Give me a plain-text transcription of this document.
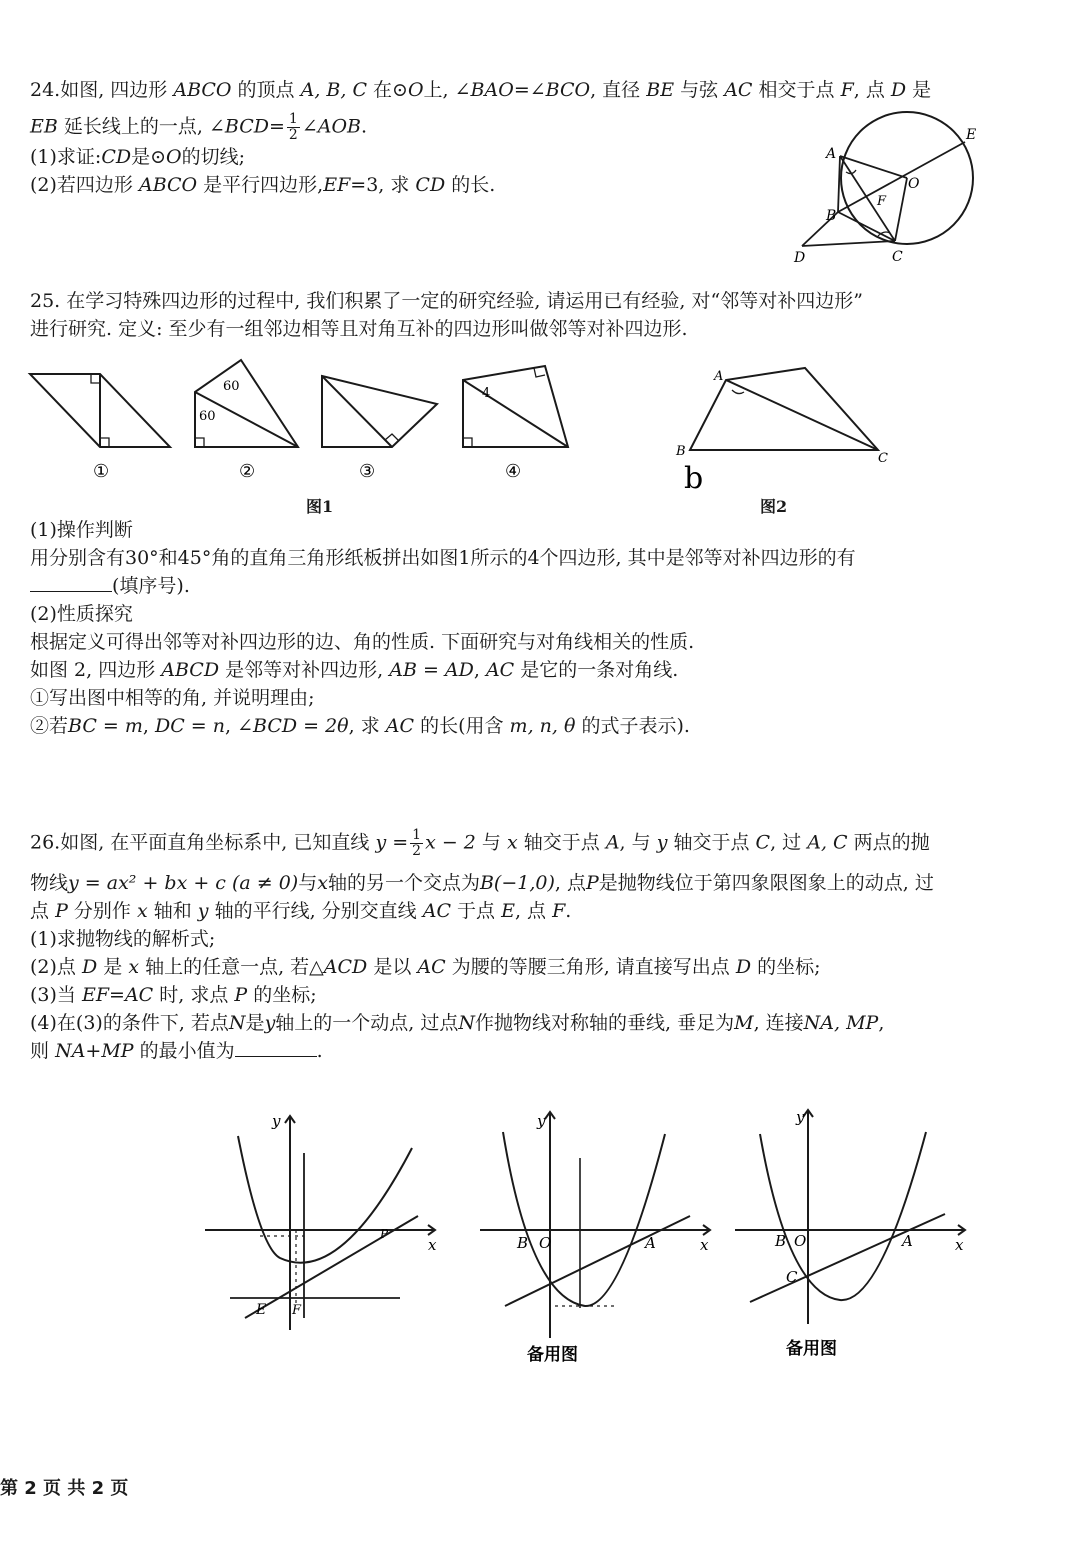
24.如图, 四边形 ABCO 的顶点 A, B, C 在⊙O上, ∠BAO=∠BCO, 直径 BE 与弦 AC 相交于点 F, 点 D 是

EB 延长线上的一点, ∠BCD= $\frac{1}{2}$ ∠AOB.

(1)求证:CD是⊙O的切线;

(2)若四边形 ABCO 是平行四边形,EF=3, 求 CD 的长.

A
E
O
F
B
D	C

25. 在学习特殊四边形的过程中, 我们积累了一定的研究经验, 请运用已有经验, 对“邻等对补四边形”

进行研究. 定义: 至少有一组邻边相等且对角互补的四边形叫做邻等对补四边形.

60
60
4
①	②	③	④
图1
A
B	C
b
图2

(1)操作判断

用分别含有30°和45°角的直角三角形纸板拼出如图1所示的4个四边形, 其中是邻等对补四边形的有

(填序号).

(2)性质探究

根据定义可得出邻等对补四边形的边、角的性质. 下面研究与对角线相关的性质.

如图 2, 四边形 ABCD 是邻等对补四边形, AB = AD, AC 是它的一条对角线.

①写出图中相等的角, 并说明理由;

②若BC = m, DC = n, ∠BCD = 2θ, 求 AC 的长(用含 m, n, θ 的式子表示).

26.如图, 在平面直角坐标系中, 已知直线 $y = \frac{1}{2}$ x − 2 与 x 轴交于点 A, 与 y 轴交于点 C, 过 A, C 两点的抛

物线y = ax² + bx + c (a ≠ 0)与x轴的另一个交点为B(−1,0), 点P是抛物线位于第四象限图象上的动点, 过

点 P 分别作 x 轴和 y 轴的平行线, 分别交直线 AC 于点 E, 点 F.

(1)求抛物线的解析式;

(2)点 D 是 x 轴上的任意一点, 若△ACD 是以 AC 为腰的等腰三角形, 请直接写出点 D 的坐标;

(3)当 EF=AC 时, 求点 P 的坐标;

(4)在(3)的条件下, 若点N是y轴上的一个动点, 过点N作抛物线对称轴的垂线, 垂足为M, 连接NA, MP,

则 NA+MP 的最小值为	.

y
x
E F
P
y
x
B O	A
备用图
y
x
B O	A
C
备用图
第 2 页 共 2 页
